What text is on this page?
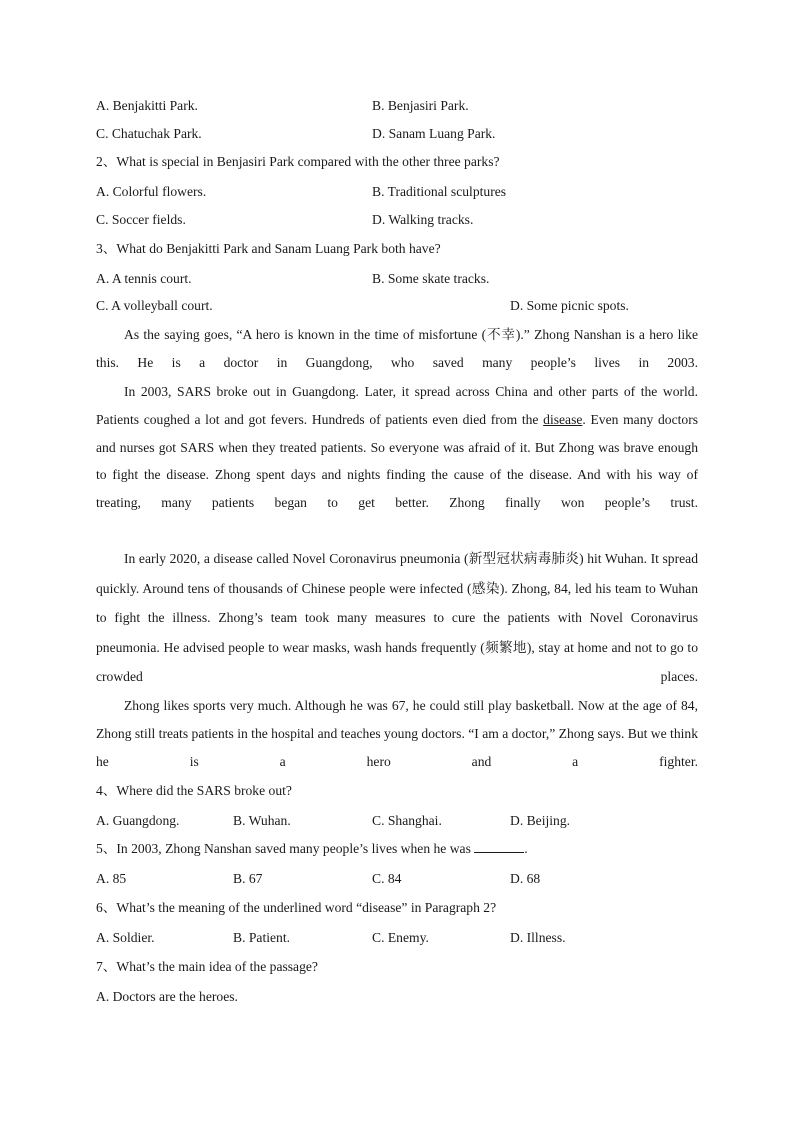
A. Benjakitti Park.	B. Benjasiri Park.
C. Chatuchak Park.	D. Sanam Luang Park.
2、What is special in Benjasiri Park compared with the other three parks?
A. Colorful flowers.	B. Traditional sculptures
C. Soccer fields.	D. Walking tracks.
3、What do Benjakitti Park and Sanam Luang Park both have?
A. A tennis court.	B. Some skate tracks.
C. A volleyball court.	D. Some picnic spots.
As the saying goes, “A hero is known in the time of misfortune (不幸).” Zhong Nanshan is a hero like this. He is a doctor in Guangdong, who saved many people’s lives in 2003.
In 2003, SARS broke out in Guangdong. Later, it spread across China and other parts of the world. Patients coughed a lot and got fevers. Hundreds of patients even died from the disease. Even many doctors and nurses got SARS when they treated patients. So everyone was afraid of it. But Zhong was brave enough to fight the disease. Zhong spent days and nights finding the cause of the disease. And with his way of treating, many patients began to get better. Zhong finally won people’s trust.
In early 2020, a disease called Novel Coronavirus pneumonia (新型冠状病毒肺炎) hit Wuhan. It spread quickly. Around tens of thousands of Chinese people were infected (感染). Zhong, 84, led his team to Wuhan to fight the illness. Zhong’s team took many measures to cure the patients with Novel Coronavirus pneumonia. He advised people to wear masks, wash hands frequently (频繁地), stay at home and not to go to crowded places.
Zhong likes sports very much. Although he was 67, he could still play basketball. Now at the age of 84, Zhong still treats patients in the hospital and teaches young doctors. “I am a doctor,” Zhong says. But we think he is a hero and a fighter.
4、Where did the SARS broke out?
A. Guangdong.	B. Wuhan.	C. Shanghai.	D. Beijing.
5、In 2003, Zhong Nanshan saved many people’s lives when he was	.
A. 85	B. 67	C. 84	D. 68
6、What’s the meaning of the underlined word “disease” in Paragraph 2?
A. Soldier.	B. Patient.	C. Enemy.	D. Illness.
7、What’s the main idea of the passage?
A. Doctors are the heroes.
